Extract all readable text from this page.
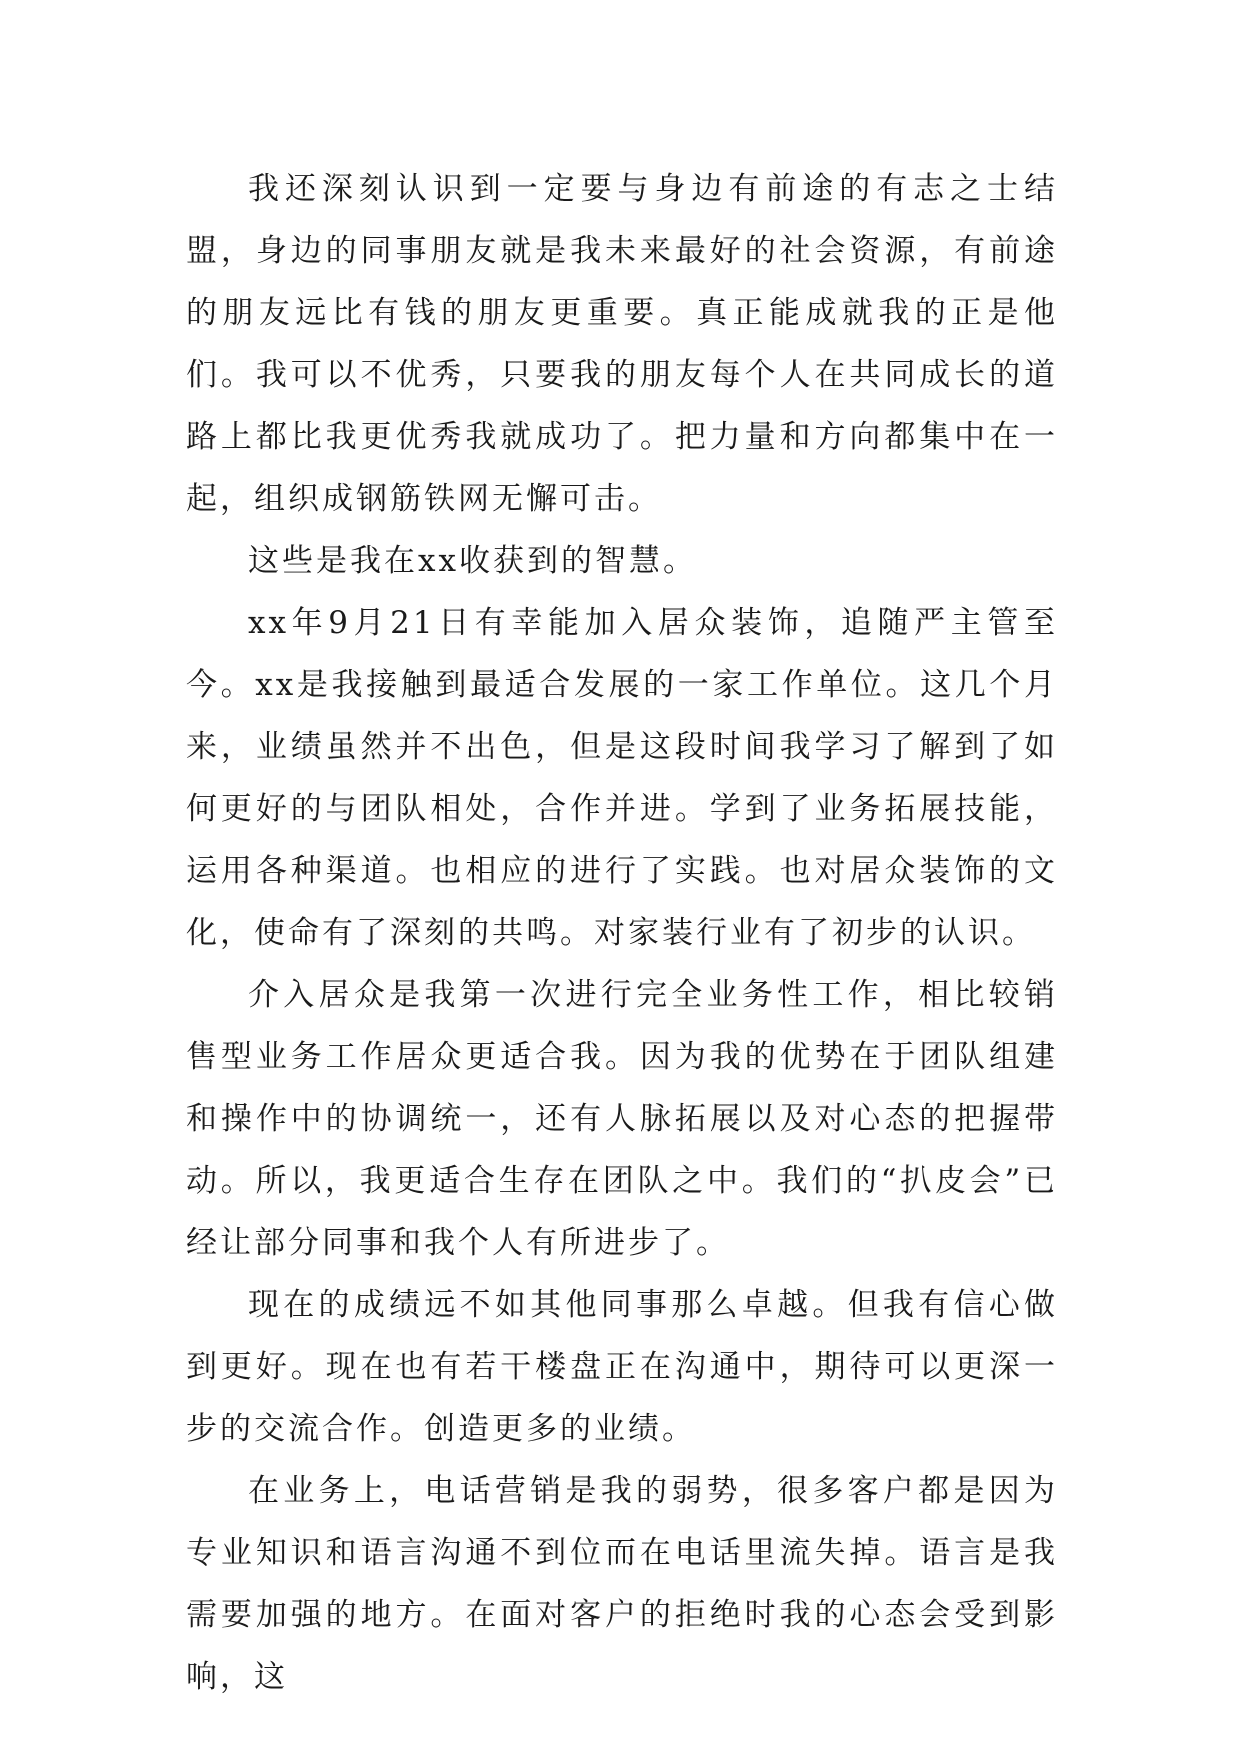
我还深刻认识到一定要与身边有前途的有志之士结盟，身边的同事朋友就是我未来最好的社会资源，有前途的朋友远比有钱的朋友更重要。真正能成就我的正是他们。我可以不优秀，只要我的朋友每个人在共同成长的道路上都比我更优秀我就成功了。把力量和方向都集中在一起，组织成钢筋铁网无懈可击。

这些是我在xx收获到的智慧。

xx年9月21日有幸能加入居众装饰，追随严主管至今。xx是我接触到最适合发展的一家工作单位。这几个月来，业绩虽然并不出色，但是这段时间我学习了解到了如何更好的与团队相处，合作并进。学到了业务拓展技能，运用各种渠道。也相应的进行了实践。也对居众装饰的文化，使命有了深刻的共鸣。对家装行业有了初步的认识。

介入居众是我第一次进行完全业务性工作，相比较销售型业务工作居众更适合我。因为我的优势在于团队组建和操作中的协调统一，还有人脉拓展以及对心态的把握带动。所以，我更适合生存在团队之中。我们的“扒皮会”已经让部分同事和我个人有所进步了。

现在的成绩远不如其他同事那么卓越。但我有信心做到更好。现在也有若干楼盘正在沟通中，期待可以更深一步的交流合作。创造更多的业绩。

在业务上，电话营销是我的弱势，很多客户都是因为专业知识和语言沟通不到位而在电话里流失掉。语言是我需要加强的地方。在面对客户的拒绝时我的心态会受到影响，这
